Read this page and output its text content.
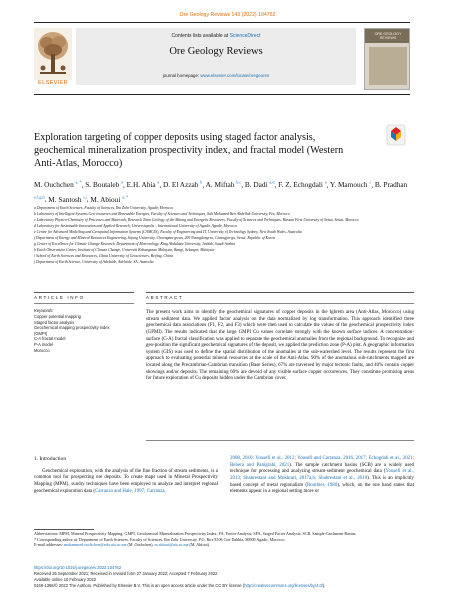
Ore Geology Reviews 143 (2022) 104762
ELSEVIER
Contents lists available at ScienceDirect
Ore Geology Reviews
journal homepage: www.elsevier.com/locate/oregeorev
ORE GEOLOGY REVIEWS
Exploration targeting of copper deposits using staged factor analysis, geochemical mineralization prospectivity index, and fractal model (Western Anti-Atlas, Morocco)
M. Ouchchen $^{a, *}$, S. Boutaleb $^a$, E.H. Abia $^a$, D. El Azzab $^b$, A. Miftah $^{b,c}$, B. Dadi $^{a,d}$, F. Z. Echogdali $^a$, Y. Mamouch $^c$, B. Pradhan $^{e,f,g,h}$, M. Santosh $^{i,j}$, M. Abioui $^{a, *}$
a Department of Earth Sciences, Faculty of Sciences, Ibn Zohr University, Agadir, Morocco
b Laboratory of Intelligent Systems Geo-resources and Renewable Energies, Faculty of Sciences and Techniques, Sidi Mohamed Ben Abdellah University, Fez, Morocco
c Laboratory Physico-Chemistry of Processes and Materials, Research Team Geology of the Mining and Energetic Resources, Faculty of Sciences and Techniques, Hassan First University of Settat, Settat, Morocco
d Laboratory for Sustainable Innovation and Applied Research, Universiapolis – International University of Agadir, Agadir, Morocco
e Centre for Advanced Modelling and Geospatial Information Systems (CAMGIS), Faculty of Engineering and IT, University of Technology Sydney, New South Wales, Australia
f Department of Energy and Mineral Resources Engineering, Sejong University, Choongmu-gwan, 209 Neungdong-ro, Gwangjin-gu, Seoul, Republic of Korea
g Center of Excellence for Climate Change Research, Department of Meteorology, King Abdulaziz University, Jeddah, Saudi Arabia
h Earth Observation Center, Institute of Climate Change, Universiti Kebangsaan Malaysia, Bangi, Selangor, Malaysia
i School of Earth Sciences and Resources, China University of Geosciences, Beijing, China
j Department of Earth Science, University of Adelaide, Adelaide, SA, Australia
ARTICLE INFO	ABSTRACT
Keywords:
Copper potential mapping
Staged factor analysis
Geochemical mapping prospectivity index
(GMPI)
C-A fractal model
P-A model
Morocco
The present work aims to identify the geochemical signatures of copper deposits in the Ighrem area (Anti-Atlas, Morocco) using stream sediment data. We applied factor analysis on the data normalized by log transformation. This approach identified three geochemical data associations (F1, F2, and F3) which were then used to calculate the values of the geochemical prospectivity index (GPMI). The results indicated that the large GMPI Cu values correlate strongly with the known surface indices. A concentration-surface (C-A) fractal classification was applied to separate the geochemical anomalies from the regional background. To recognize and geo-position the significant geochemical signatures of the deposit, we applied the prediction zone (P-A) plot. A geographic information system (GIS) was used to define the spatial distribution of the anomalies at the sub-watershed level. The results represent the first approach to evaluating potential mineral resources at the scale of the Anti-Atlas. 90% of the anomalous sub-catchments mapped are located along the Precambrian-Cambrian transition (Base Series), 67% are traversed by major tectonic faults, and 40% contain copper showings and/or deposits. The remaining 60% are devoid of any visible surface copper occurrences. They constitute promising areas for future exploration of Cu deposits hidden under the Cambrian cover.
1. Introduction

Geochemical exploration, with the analysis of the fine fraction of stream sediments, is a common tool for prospecting ore deposits. To create maps used in Mineral Prospectivity Mapping (MPM), sundry techniques have been employed to analyze and interpret regional geochemical exploration data (Carranza and Hale, 1997; Carranza,

2008, 2010; Yousefi et al., 2012; Yousefi and Carranza, 2016, 2017; Echogdali et al., 2021; Behera and Panigrahi, 2021). The sample catchment basins (SCB) are a widely used technique for processing and analyzing stream-sediment geochemical data (Yousefi et al., 2013; Shahrestani and Mokhtari, 2017a,b; Shahrestani et al., 2018). This is an implicitly based concept of metal regionalism (Routhier, 1980), which, on the one hand states that elements appear in a regional setting more or

Abbreviations: MPM, Mineral Prospectivity Mapping; GMPI, Geochemical Mineralization Prospectivity Index; FA, Factor Analysis; SFA, Staged Factor Analysis; SCB, Sample Catchment Basins.
* Corresponding author at: Department of Earth Sciences, Faculty of Sciences, Ibn Zohr University, P.O. Box 8106 Cité Dakhla, 80000 Agadir, Morocco.
E-mail addresses: mohammed.ouchchen@edu.uiz.ac.ma (M. Ouchchen), m.abioui@uiz.ac.ma (M. Abioui).
https://doi.org/10.1016/j.oregeorev.2022.104762
Received 25 September 2021; Received in revised form 27 January 2022; Accepted 7 February 2022
Available online 10 February 2022
0169-1368/© 2022 The Authors. Published by Elsevier B.V. This is an open access article under the CC BY license (http://creativecommons.org/licenses/by/4.0/).
